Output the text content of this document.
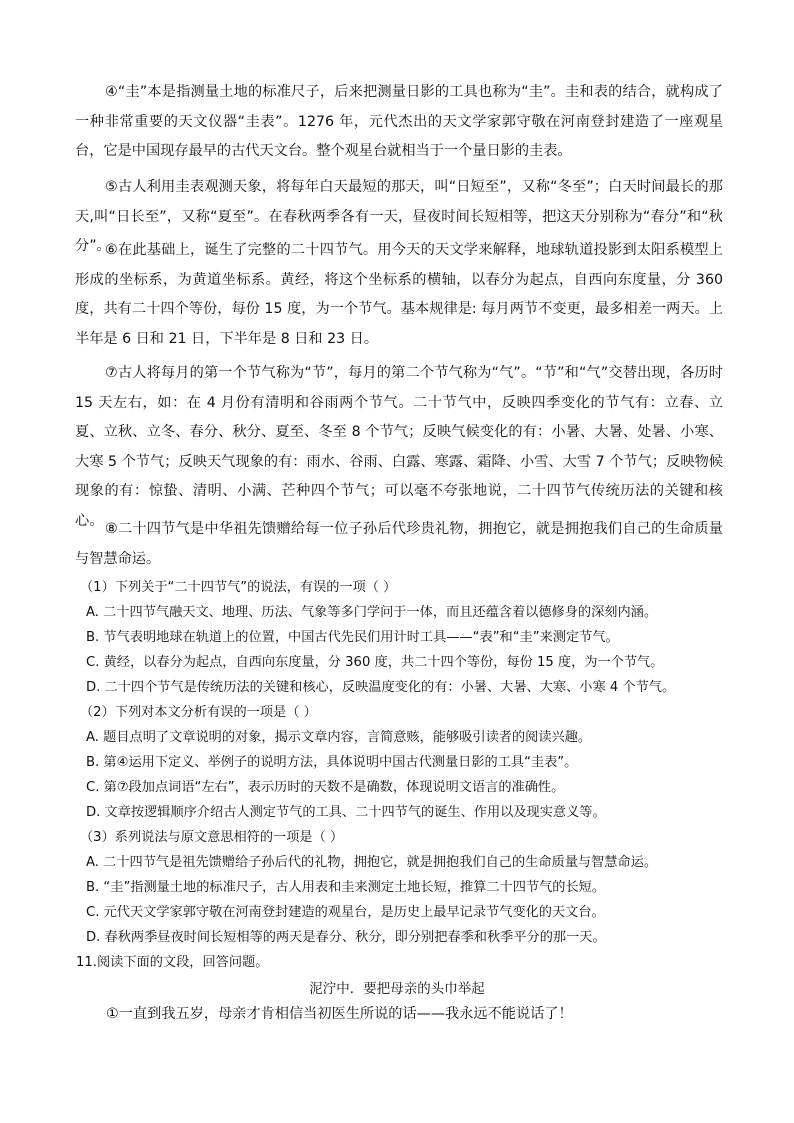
④“圭”本是指测量土地的标准尺子，后来把测量日影的工具也称为“圭”。圭和表的结合，就构成了一种非常重要的天文仪器“圭表”。1276 年，元代杰出的天文学家郭守敬在河南登封建造了一座观星台，它是中国现存最早的古代天文台。整个观星台就相当于一个量日影的圭表。

⑤古人利用圭表观测天象，将每年白天最短的那天，叫“日短至”，又称“冬至”；白天时间最长的那天,叫“日长至”，又称“夏至”。在春秋两季各有一天，昼夜时间长短相等，把这天分别称为“春分”和“秋分”。

⑥在此基础上，诞生了完整的二十四节气。用今天的天文学来解释，地球轨道投影到太阳系模型上形成的坐标系，为黄道坐标系。黄经，将这个坐标系的横轴，以春分为起点，自西向东度量，分 360 度，共有二十四个等份，每份 15 度，为一个节气。基本规律是: 每月两节不变更，最多相差一两天。上半年是 6 日和 21 日，下半年是 8 日和 23 日。

⑦古人将每月的第一个节气称为“节”，每月的第二个节气称为“气”。“节”和“气”交替出现，各历时 15 天左右，如：在 4 月份有清明和谷雨两个节气。二十节气中，反映四季变化的节气有：立春、立夏、立秋、立冬、春分、秋分、夏至、冬至 8 个节气；反映气候变化的有：小暑、大暑、处暑、小寒、大寒 5 个节气；反映天气现象的有：雨水、谷雨、白露、寒露、霜降、小雪、大雪 7 个节气；反映物候现象的有：惊蛰、清明、小满、芒种四个节气；可以毫不夸张地说，二十四节气传统历法的关键和核心。

⑧二十四节气是中华祖先馈赠给每一位子孙后代珍贵礼物，拥抱它，就是拥抱我们自己的生命质量与智慧命运。

（1）下列关于“二十四节气”的说法，有误的一项（ ）

A. 二十四节气融天文、地理、历法、气象等多门学问于一体，而且还蕴含着以德修身的深刻内涵。

B. 节气表明地球在轨道上的位置，中国古代先民们用计时工具——“表”和“圭”来测定节气。

C. 黄经，以春分为起点，自西向东度量，分 360 度，共二十四个等份，每份 15 度，为一个节气。

D. 二十四个节气是传统历法的关键和核心，反映温度变化的有：小暑、大暑、大寒、小寒 4 个节气。

（2）下列对本文分析有误的一项是（ ）

A. 题目点明了文章说明的对象，揭示文章内容，言简意赅，能够吸引读者的阅读兴趣。

B. 第④运用下定义、举例子的说明方法，具体说明中国古代测量日影的工具“圭表”。

C. 第⑦段加点词语“左右”，表示历时的天数不是确数，体现说明文语言的准确性。

D. 文章按逻辑顺序介绍古人测定节气的工具、二十四节气的诞生、作用以及现实意义等。

（3）系列说法与原文意思相符的一项是（ ）

A. 二十四节气是祖先馈赠给子孙后代的礼物，拥抱它，就是拥抱我们自己的生命质量与智慧命运。

B. “圭”指测量土地的标准尺子，古人用表和圭来测定土地长短，推算二十四节气的长短。

C. 元代天文学家郭守敬在河南登封建造的观星台，是历史上最早记录节气变化的天文台。

D. 春秋两季昼夜时间长短相等的两天是春分、秋分，即分别把春季和秋季平分的那一天。

11.阅读下面的文段，回答问题。

泥泞中．要把母亲的头巾举起

①一直到我五岁，母亲才肯相信当初医生所说的话——我永远不能说话了！
